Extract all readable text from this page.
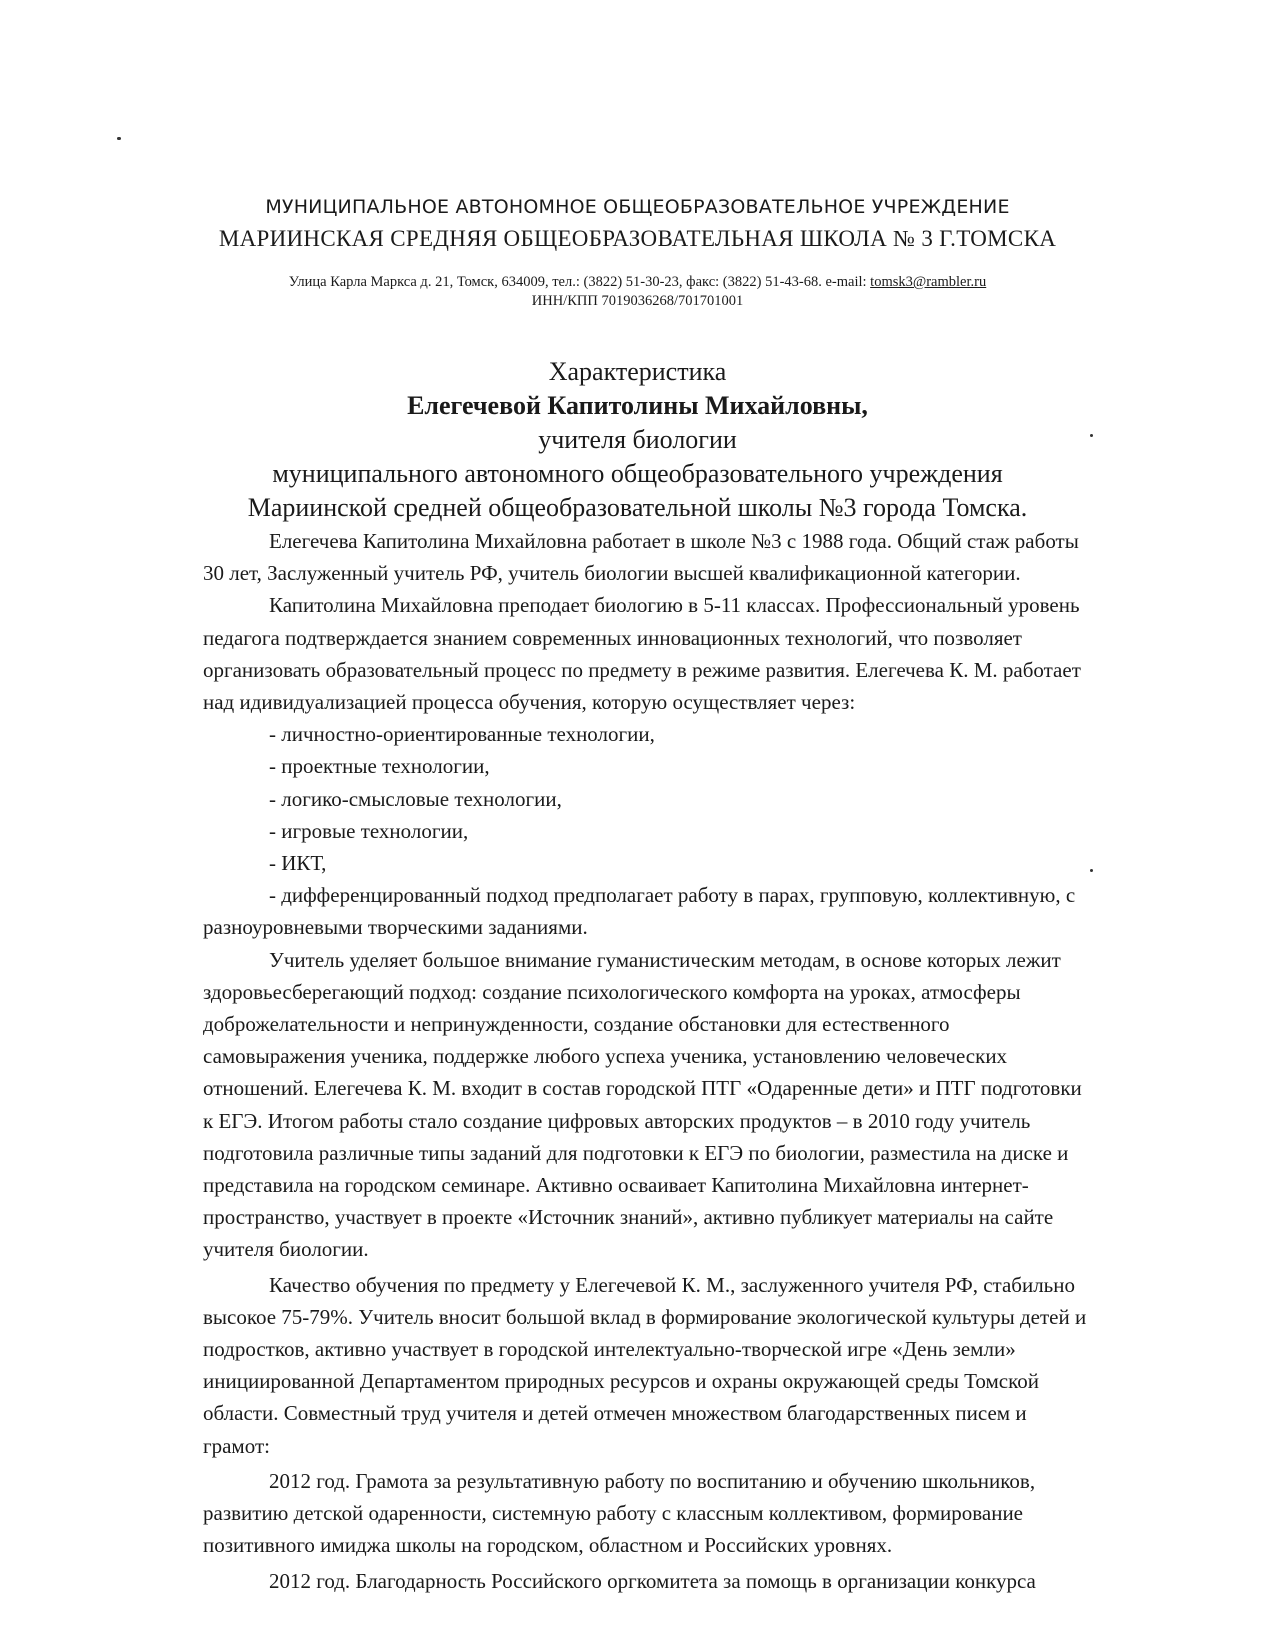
МУНИЦИПАЛЬНОЕ АВТОНОМНОЕ ОБЩЕОБРАЗОВАТЕЛЬНОЕ УЧРЕЖДЕНИЕ
МАРИИНСКАЯ СРЕДНЯЯ ОБЩЕОБРАЗОВАТЕЛЬНАЯ ШКОЛА № 3 Г.ТОМСКА
Улица Карла Маркса д. 21, Томск, 634009, тел.: (3822) 51-30-23, факс: (3822) 51-43-68. e-mail: tomsk3@rambler.ru
ИНН/КПП 7019036268/701701001
Характеристика
Елегечевой Капитолины Михайловны,
учителя биологии
муниципального автономного общеобразовательного учреждения
Мариинской средней общеобразовательной школы №3 города Томска.

Елегечева Капитолина Михайловна работает в школе №3 с 1988 года. Общий стаж работы

30 лет, Заслуженный учитель РФ, учитель биологии высшей квалификационной категории.

Капитолина Михайловна преподает биологию в 5-11 классах. Профессиональный уровень

педагога подтверждается знанием современных инновационных технологий, что позволяет
организовать образовательный процесс по предмету в режиме развития. Елегечева К. М. работает
над идивидуализацией процесса обучения, которую осуществляет через:
- личностно-ориентированные технологии,
- проектные технологии,
- логико-смысловые технологии,
- игровые технологии,
- ИКТ,
- дифференцированный подход предполагает работу в парах, групповую, коллективную, с
разноуровневыми творческими заданиями.

Учитель уделяет большое внимание гуманистическим методам, в основе которых лежит

здоровьесберегающий подход: создание психологического комфорта на уроках, атмосферы
доброжелательности и непринужденности, создание обстановки для естественного
самовыражения ученика, поддержке любого успеха ученика, установлению человеческих
отношений. Елегечева К. М. входит в состав городской ПТГ «Одаренные дети» и ПТГ подготовки
к ЕГЭ. Итогом работы стало создание цифровых авторских продуктов – в 2010 году учитель
подготовила различные типы заданий для подготовки к ЕГЭ по биологии, разместила на диске и
представила на городском семинаре. Активно осваивает Капитолина Михайловна интернет-
пространство, участвует в проекте «Источник знаний», активно публикует материалы на сайте
учителя биологии.

Качество обучения по предмету у Елегечевой К. М., заслуженного учителя РФ, стабильно

высокое 75-79%. Учитель вносит большой вклад в формирование экологической культуры детей и
подростков, активно участвует в городской интелектуально-творческой игре «День земли»
инициированной Департаментом природных ресурсов и охраны окружающей среды Томской
области. Совместный труд учителя и детей отмечен множеством благодарственных писем и
грамот:

2012 год. Грамота за результативную работу по воспитанию и обучению школьников,

развитию детской одаренности, системную работу с классным коллективом, формирование
позитивного имиджа школы на городском, областном и Российских уровнях.

2012 год. Благодарность Российского оргкомитета за помощь в организации конкурса
